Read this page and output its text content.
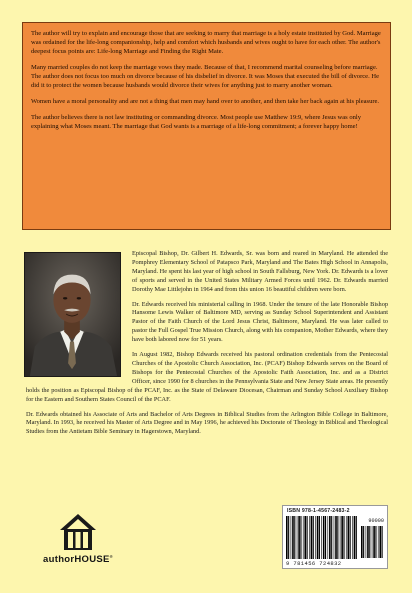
The author will try to explain and encourage those that are seeking to marry that marriage is a holy estate instituted by God. Marriage was ordained for the life-long companionship, help and comfort which husbands and wives ought to have for each other. The author's deepest focus points are: Life-long Marriage and Finding the Right Mate.

Many married couples do not keep the marriage vows they made. Because of that, I recommend marital counseling before marriage. The author does not focus too much on divorce because of his disbelief in divorce. It was Moses that executed the bill of divorce. He did it to protect the women because husbands would divorce their wives for anything just to marry another woman.

Women have a moral personality and are not a thing that men may hand over to another, and then take her back again at his pleasure.

The author believes there is not law instituting or commanding divorce. Most people use Matthew 19:9, where Jesus was only explaining what Moses meant. The marriage that God wants is a marriage of a life-long commitment; a forever happy home!

Episcopal Bishop, Dr. Gilbert H. Edwards, Sr. was born and reared in Maryland. He attended the Pomphrey Elementary School of Patapsco Park, Maryland and The Bates High School in Annapolis, Maryland. He spent his last year of high school in South Fallsburg, New York. Dr. Edwards is a lover of sports and served in the United States Military Armed Forces until 1962. Dr. Edwards married Dorothy Mae Littlejohn in 1964 and from this union 16 beautiful children were born.

Dr. Edwards received his ministerial calling in 1968. Under the tenure of the late Honorable Bishop Hansome Lewis Walker of Baltimore MD, serving as Sunday School Superintendent and Assistant Pastor of the Faith Church of the Lord Jesus Christ, Baltimore, Maryland. He was later called to pastor the Full Gospel True Mission Church, along with his companion, Mother Edwards, where they have both labored now for 51 years.

In August 1982, Bishop Edwards received his pastoral ordination credentials from the Pentecostal Churches of the Apostolic Church Association, Inc. (PCAF) Bishop Edwards serves on the Board of Bishops for the Pentecostal Churches of the Apostolic Faith Association, Inc. and as a District Officer, since 1990 for 8 churches in the Pennsylvania State and New Jersey State areas. He presently holds the position as Episcopal Bishop of the PCAF, Inc. as the State of Delaware Diocesan, Chairman and Sunday School Auxiliary Bishop for the Eastern and Southern States Council of the PCAF.

Dr. Edwards obtained his Associate of Arts and Bachelor of Arts Degrees in Biblical Studies from the Arlington Bible College in Baltimore, Maryland. In 1993, he received his Master of Arts Degree and in May 1996, he achieved his Doctorate of Theology in Biblical and Theological Studies from the Antietam Bible Seminary in Hagerstown, Maryland.

authorHOUSE®
ISBN 978-1-4567-2483-2
90000
9 781456 724832
